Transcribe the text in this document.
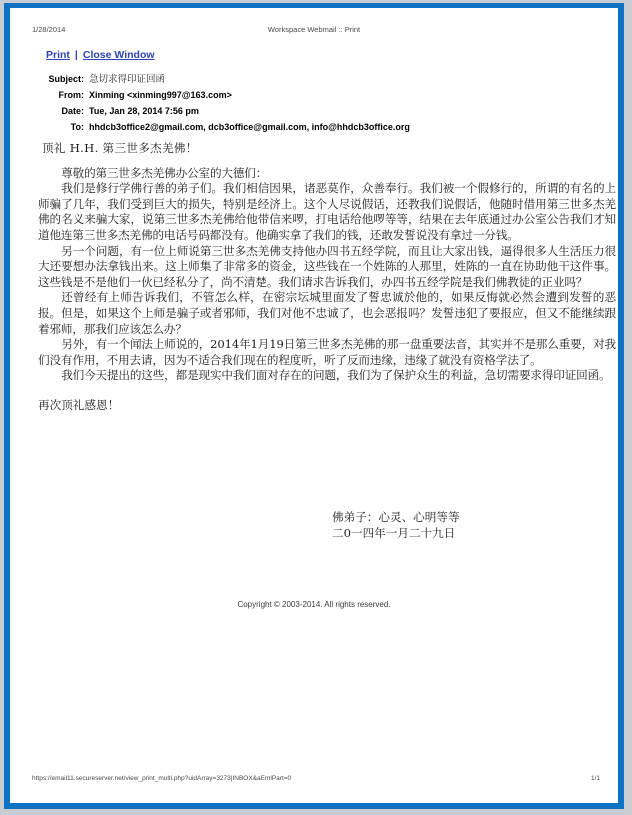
1/28/2014	Workspace Webmail :: Print
Print | Close Window
Subject:	急切求得印证回函
From:	Xinming <xinming997@163.com>
Date:	Tue, Jan 28, 2014 7:56 pm
To:	hhdcb3office2@gmail.com, dcb3office@gmail.com, info@hhdcb3office.org
顶礼 H.H. 第三世多杰羌佛！

尊敬的第三世多杰羌佛办公室的大德们：

我们是修行学佛行善的弟子们。我们相信因果，诸恶莫作，众善奉行。我们被一个假修行的，所谓的有名的上师骗了几年，我们受到巨大的损失，特别是经济上。这个人尽说假话，还教我们说假话，他随时借用第三世多杰羌佛的名义来骗大家，说第三世多杰羌佛给他带信来啰，打电话给他啰等等，结果在去年底通过办公室公告我们才知道他连第三世多杰羌佛的电话号码都没有。他确实拿了我们的钱，还敢发誓说没有拿过一分钱。

另一个问题，有一位上师说第三世多杰羌佛支持他办四书五经学院，而且让大家出钱，逼得很多人生活压力很大还要想办法拿钱出来。这上师集了非常多的资金，这些钱在一个姓陈的人那里，姓陈的一直在协助他干这件事。这些钱是不是他们一伙已经私分了，尚不清楚。我们请求告诉我们，办四书五经学院是我们佛教徒的正业吗？

还曾经有上师告诉我们，不管怎么样，在密宗坛城里面发了誓忠诚於他的，如果反悔就必然会遭到发誓的恶报。但是，如果这个上师是骗子或者邪师，我们对他不忠诚了，也会恶报吗？发誓违犯了要报应，但又不能继续跟着邪师，那我们应该怎么办？

另外，有一个闻法上师说的，2014年1月19日第三世多杰羌佛的那一盘重要法音，其实并不是那么重要，对我们没有作用，不用去请，因为不适合我们现在的程度听，听了反而违缘，违缘了就没有资格学法了。

我们今天提出的这些，都是现实中我们面对存在的问题，我们为了保护众生的利益，急切需要求得印证回函。

再次顶礼感恩！

佛弟子：心灵、心明等等
二0一四年一月二十九日
Copyright © 2003-2014. All rights reserved.
https://email11.secureserver.net/view_print_multi.php?uidArray=3273|INBOX&aEmlPart=0	1/1
